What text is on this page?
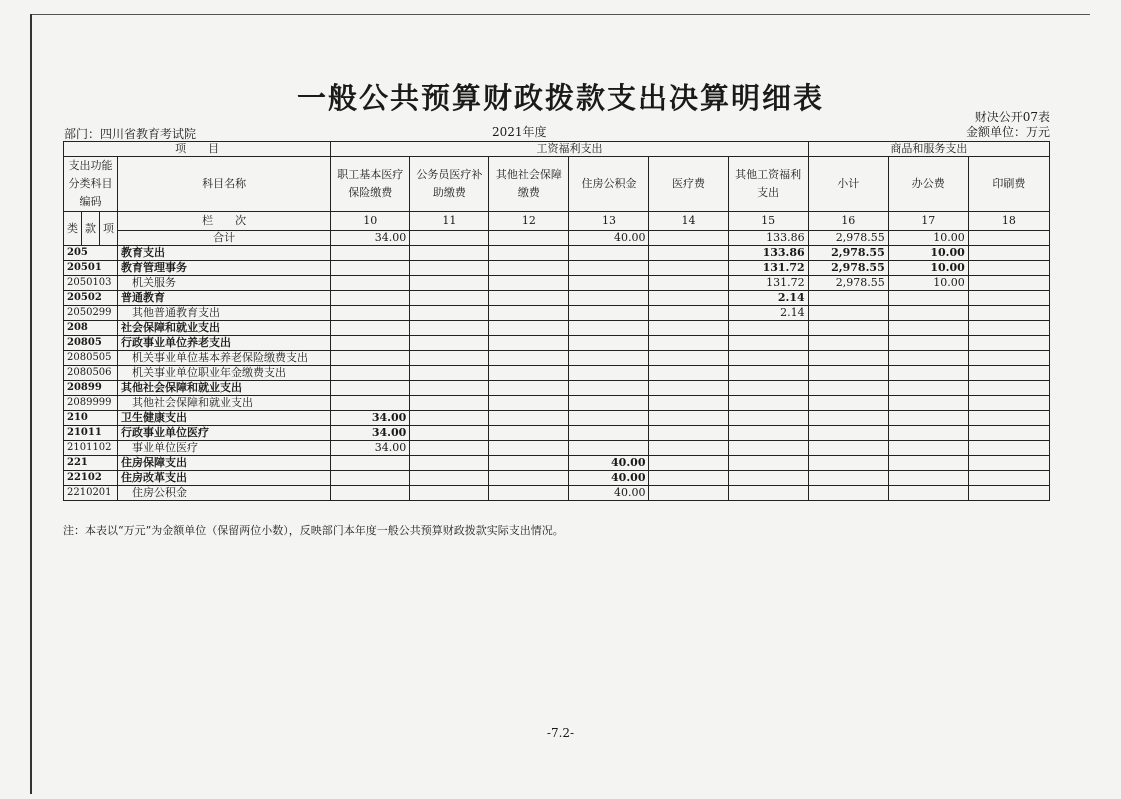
一般公共预算财政拨款支出决算明细表
财决公开07表
部门：四川省教育考试院	2021年度	金额单位：万元
项　　目				工资福利支出						商品和服务支出		
支出功能分类科目编码			科目名称	职工基本医疗保险缴费	公务员医疗补助缴费	其他社会保障缴费	住房公积金	医疗费	其他工资福利支出	小计	办公费	印刷费
类	款	项	栏　　次	10	11	12	13	14	15	16	17	18
			合计	34.00			40.00		133.86	2,978.55	10.00	
205			教育支出						133.86	2,978.55	10.00	
20501			教育管理事务						131.72	2,978.55	10.00	
2050103			机关服务						131.72	2,978.55	10.00	
20502			普通教育						2.14			
2050299			其他普通教育支出						2.14			
208			社会保障和就业支出									
20805			行政事业单位养老支出									
2080505			机关事业单位基本养老保险缴费支出									
2080506			机关事业单位职业年金缴费支出									
20899			其他社会保障和就业支出									
2089999			其他社会保障和就业支出									
210			卫生健康支出	34.00								
21011			行政事业单位医疗	34.00								
2101102			事业单位医疗	34.00								
221			住房保障支出				40.00					
22102			住房改革支出				40.00					
2210201			住房公积金				40.00					
注：本表以“万元”为金额单位（保留两位小数），反映部门本年度一般公共预算财政拨款实际支出情况。
-7.2-
